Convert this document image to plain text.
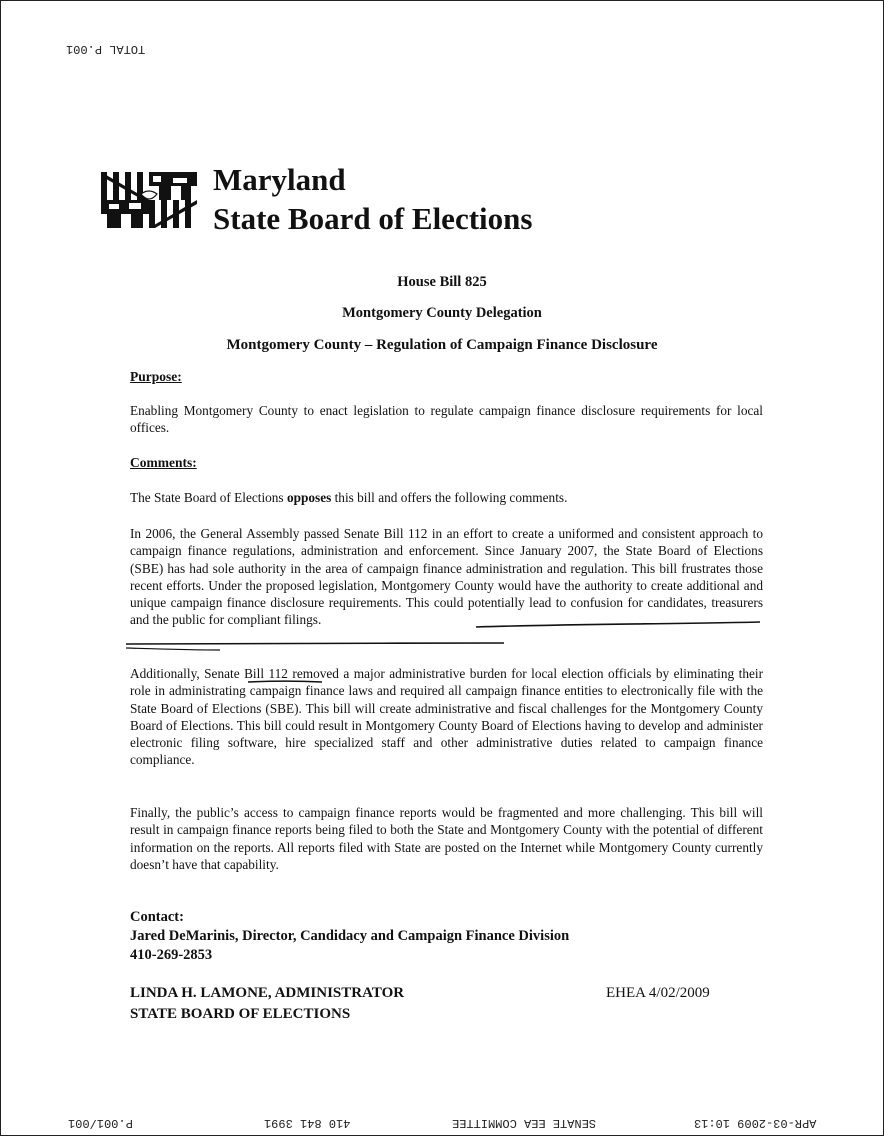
TOTAL P.001
P.001/001	410 841 3991	SENATE EEA COMMITTEE	APR-03-2009 10:13
Maryland
State Board of Elections
House Bill 825
Montgomery County Delegation
Montgomery County – Regulation of Campaign Finance Disclosure
Purpose:

Enabling Montgomery County to enact legislation to regulate campaign finance disclosure requirements for local offices.

Comments:

The State Board of Elections opposes this bill and offers the following comments.

In 2006, the General Assembly passed Senate Bill 112 in an effort to create a uniformed and consistent approach to campaign finance regulations, administration and enforcement. Since January 2007, the State Board of Elections (SBE) has had sole authority in the area of campaign finance administration and regulation. This bill frustrates those recent efforts. Under the proposed legislation, Montgomery County would have the authority to create additional and unique campaign finance disclosure requirements. This could potentially lead to confusion for candidates, treasurers and the public for compliant filings.

Additionally, Senate Bill 112 removed a major administrative burden for local election officials by eliminating their role in administrating campaign finance laws and required all campaign finance entities to electronically file with the State Board of Elections (SBE). This bill will create administrative and fiscal challenges for the Montgomery County Board of Elections. This bill could result in Montgomery County Board of Elections having to develop and administer electronic filing software, hire specialized staff and other administrative duties related to campaign finance compliance.

Finally, the public’s access to campaign finance reports would be fragmented and more challenging. This bill will result in campaign finance reports being filed to both the State and Montgomery County with the potential of different information on the reports. All reports filed with State are posted on the Internet while Montgomery County currently doesn’t have that capability.

Contact:
Jared DeMarinis, Director, Candidacy and Campaign Finance Division
410-269-2853
LINDA H. LAMONE, ADMINISTRATOR
STATE BOARD OF ELECTIONS
EHEA 4/02/2009
